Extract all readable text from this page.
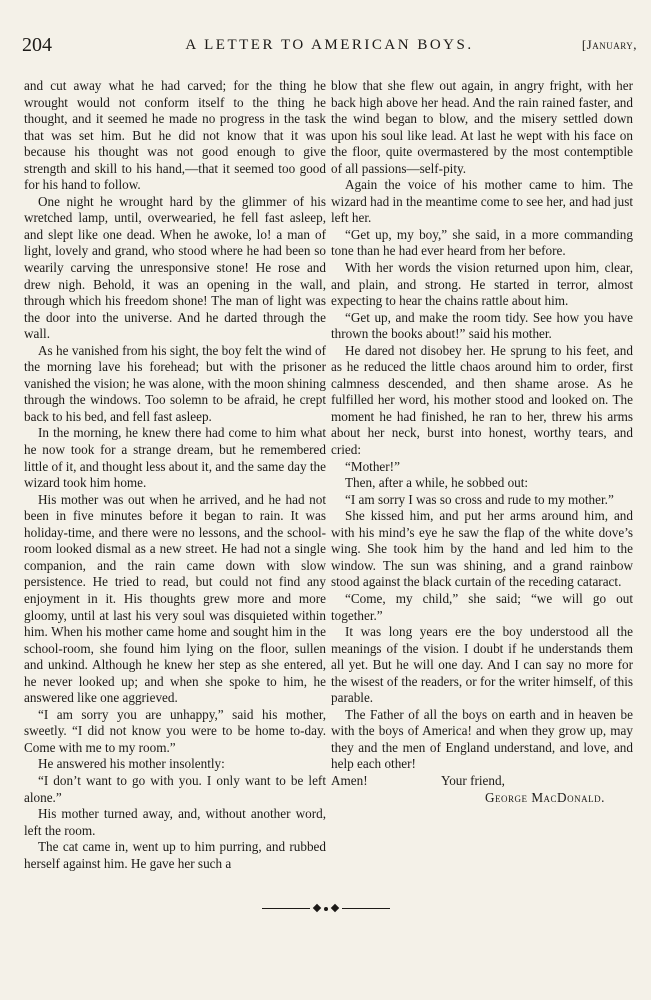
204	A LETTER TO AMERICAN BOYS.	[January,

and cut away what he had carved; for the thing he wrought would not conform itself to the thing he thought, and it seemed he made no progress in the task that was set him. But he did not know that it was because his thought was not good enough to give strength and skill to his hand,—that it seemed too good for his hand to follow.

One night he wrought hard by the glimmer of his wretched lamp, until, overwearied, he fell fast asleep, and slept like one dead. When he awoke, lo! a man of light, lovely and grand, who stood where he had been so wearily carving the unresponsive stone! He rose and drew nigh. Behold, it was an opening in the wall, through which his freedom shone! The man of light was the door into the universe. And he darted through the wall.

As he vanished from his sight, the boy felt the wind of the morning lave his forehead; but with the prisoner vanished the vision; he was alone, with the moon shining through the windows. Too solemn to be afraid, he crept back to his bed, and fell fast asleep.

In the morning, he knew there had come to him what he now took for a strange dream, but he remembered little of it, and thought less about it, and the same day the wizard took him home.

His mother was out when he arrived, and he had not been in five minutes before it began to rain. It was holiday-time, and there were no lessons, and the school-room looked dismal as a new street. He had not a single companion, and the rain came down with slow persistence. He tried to read, but could not find any enjoyment in it. His thoughts grew more and more gloomy, until at last his very soul was disquieted within him. When his mother came home and sought him in the school-room, she found him lying on the floor, sullen and unkind. Although he knew her step as she entered, he never looked up; and when she spoke to him, he answered like one aggrieved.

“I am sorry you are unhappy,” said his mother, sweetly. “I did not know you were to be home to-day. Come with me to my room.”

He answered his mother insolently:

“I don’t want to go with you. I only want to be left alone.”

His mother turned away, and, without another word, left the room.

The cat came in, went up to him purring, and rubbed herself against him. He gave her such a

blow that she flew out again, in angry fright, with her back high above her head. And the rain rained faster, and the wind began to blow, and the misery settled down upon his soul like lead. At last he wept with his face on the floor, quite overmastered by the most contemptible of all passions—self-pity.

Again the voice of his mother came to him. The wizard had in the meantime come to see her, and had just left her.

“Get up, my boy,” she said, in a more commanding tone than he had ever heard from her before.

With her words the vision returned upon him, clear, and plain, and strong. He started in terror, almost expecting to hear the chains rattle about him.

“Get up, and make the room tidy. See how you have thrown the books about!” said his mother.

He dared not disobey her. He sprung to his feet, and as he reduced the little chaos around him to order, first calmness descended, and then shame arose. As he fulfilled her word, his mother stood and looked on. The moment he had finished, he ran to her, threw his arms about her neck, burst into honest, worthy tears, and cried:

“Mother!”

Then, after a while, he sobbed out:

“I am sorry I was so cross and rude to my mother.”

She kissed him, and put her arms around him, and with his mind’s eye he saw the flap of the white dove’s wing. She took him by the hand and led him to the window. The sun was shining, and a grand rainbow stood against the black curtain of the receding cataract.

“Come, my child,” she said; “we will go out together.”

It was long years ere the boy understood all the meanings of the vision. I doubt if he understands them all yet. But he will one day. And I can say no more for the wisest of the readers, or for the writer himself, of this parable.

The Father of all the boys on earth and in heaven be with the boys of America! and when they grow up, may they and the men of England understand, and love, and help each other!

Amen!	Your friend,

George MacDonald.
